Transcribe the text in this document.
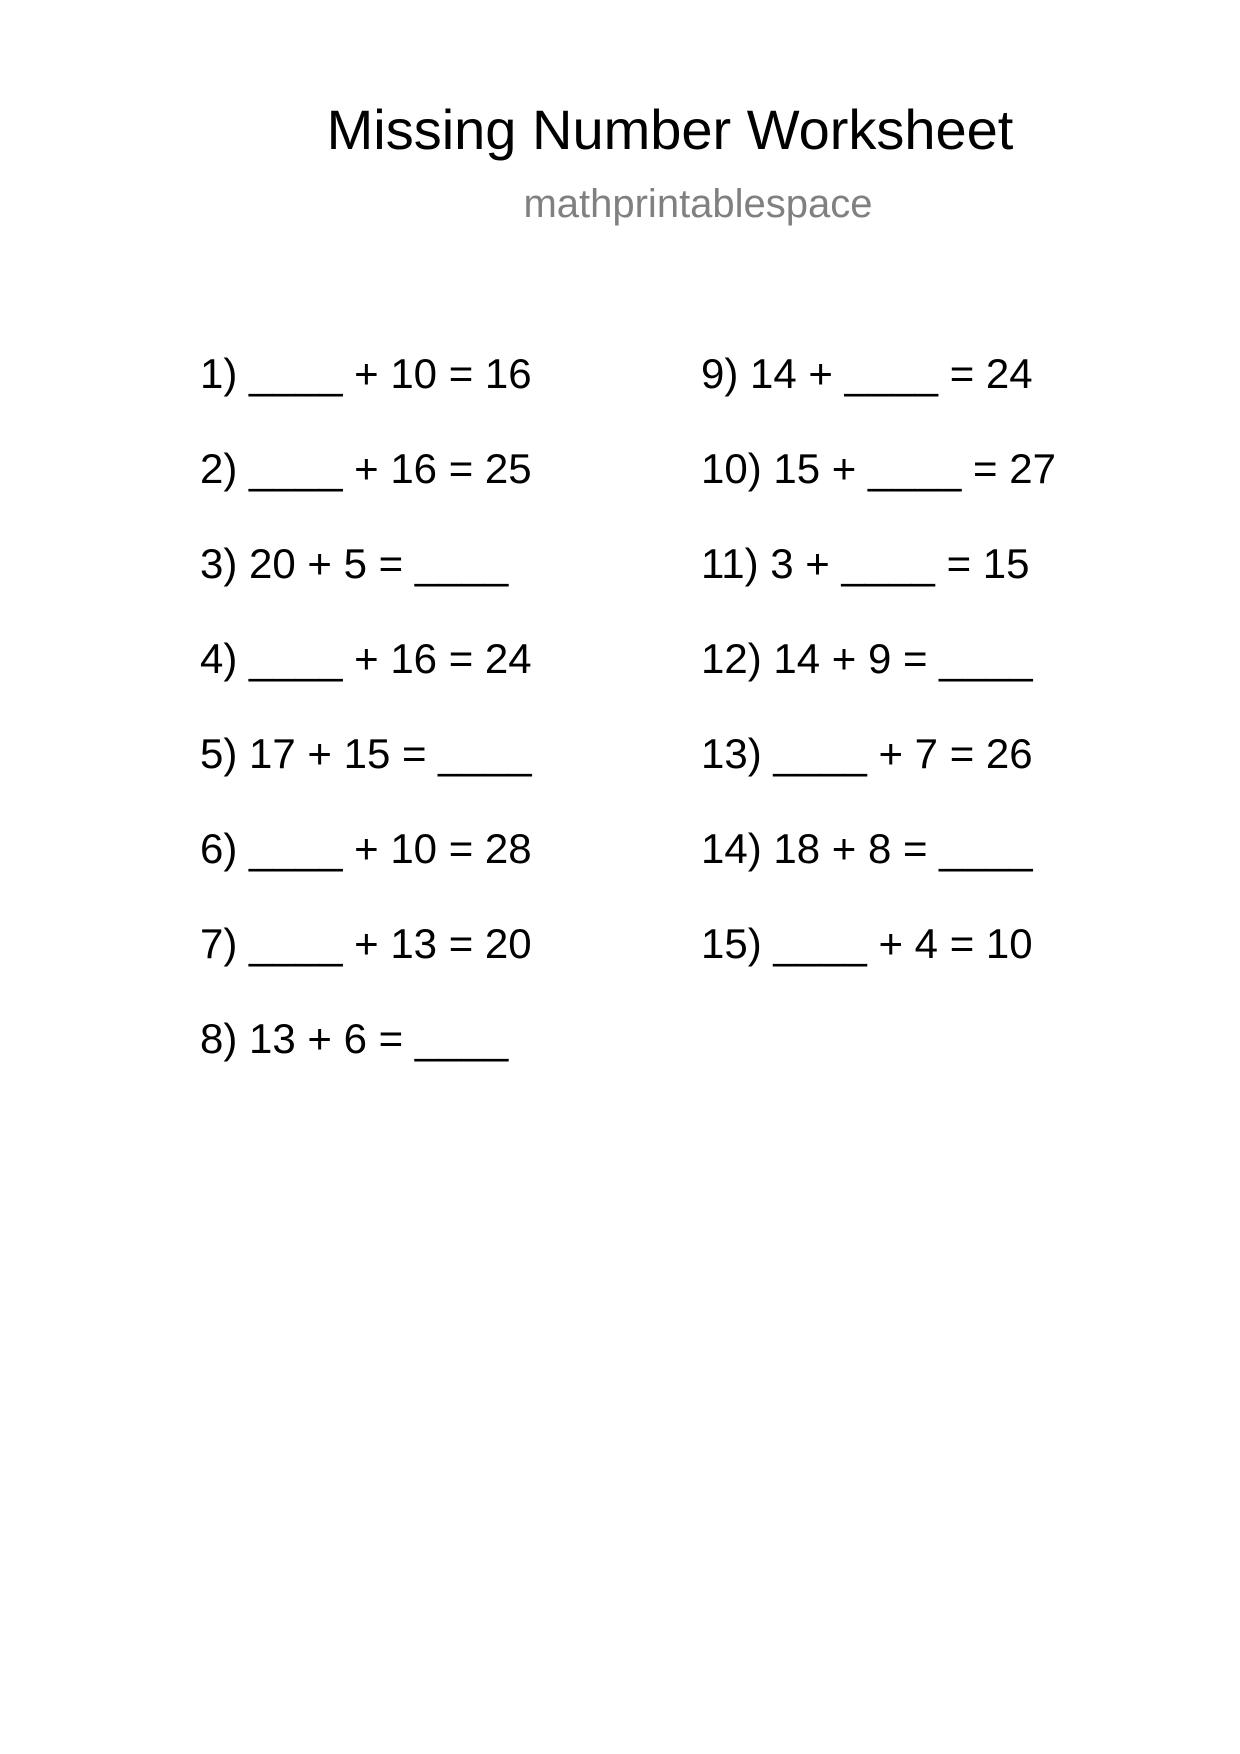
Missing Number Worksheet
mathprintablespace
1) ____ + 10 = 16
2) ____ + 16 = 25
3) 20 + 5 = ____
4) ____ + 16 = 24
5) 17 + 15 = ____
6) ____ + 10 = 28
7) ____ + 13 = 20
8) 13 + 6 = ____
9) 14 + ____ = 24
10) 15 + ____ = 27
11) 3 + ____ = 15
12) 14 + 9 = ____
13) ____ + 7 = 26
14) 18 + 8 = ____
15) ____ + 4 = 10
